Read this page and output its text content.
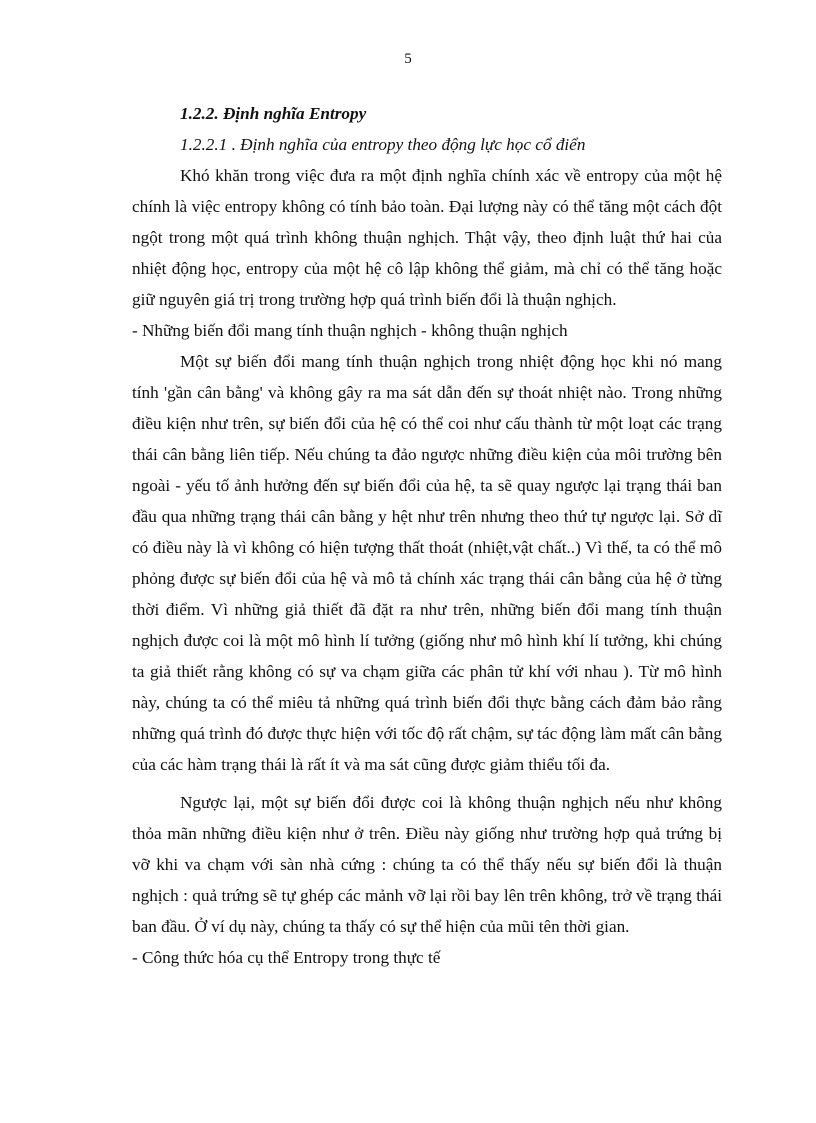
5

1.2.2. Định nghĩa Entropy

1.2.2.1 . Định nghĩa của entropy theo động lực học cổ điển

Khó khăn trong việc đưa ra một định nghĩa chính xác về entropy của một hệ chính là việc entropy không có tính bảo toàn. Đại lượng này có thể tăng một cách đột ngột trong một quá trình không thuận nghịch. Thật vậy, theo định luật thứ hai của nhiệt động học, entropy của một hệ cô lập không thể giảm, mà chỉ có thể tăng hoặc giữ nguyên giá trị trong trường hợp quá trình biến đổi là thuận nghịch.

- Những biến đổi mang tính thuận nghịch - không thuận nghịch

Một sự biến đổi mang tính thuận nghịch trong nhiệt động học khi nó mang tính 'gần cân bằng' và không gây ra ma sát dẫn đến sự thoát nhiệt nào. Trong những điều kiện như trên, sự biến đổi của hệ có thể coi như cấu thành từ một loạt các trạng thái cân bằng liên tiếp. Nếu chúng ta đảo ngược những điều kiện của môi trường bên ngoài - yếu tố ảnh hưởng đến sự biến đổi của hệ, ta sẽ quay ngược lại trạng thái ban đầu qua những trạng thái cân bằng y hệt như trên nhưng theo thứ tự ngược lại. Sở dĩ có điều này là vì không có hiện tượng thất thoát (nhiệt,vật chất..) Vì thế, ta có thể mô phỏng được sự biến đổi của hệ và mô tả chính xác trạng thái cân bằng của hệ ở từng thời điểm. Vì những giả thiết đã đặt ra như trên, những biến đổi mang tính thuận nghịch được coi là một mô hình lí tưởng (giống như mô hình khí lí tưởng, khi chúng ta giả thiết rằng không có sự va chạm giữa các phân tử khí với nhau ). Từ mô hình này, chúng ta có thể miêu tả những quá trình biến đổi thực bằng cách đảm bảo rằng những quá trình đó được thực hiện với tốc độ rất chậm, sự tác động làm mất cân bằng của các hàm trạng thái là rất ít và ma sát cũng được giảm thiểu tối đa.

Ngược lại, một sự biến đổi được coi là không thuận nghịch nếu như không thỏa mãn những điều kiện như ở trên. Điều này giống như trường hợp quả trứng bị vỡ khi va chạm với sàn nhà cứng : chúng ta có thể thấy nếu sự biến đổi là thuận nghịch : quả trứng sẽ tự ghép các mảnh vỡ lại rồi bay lên trên không, trở về trạng thái ban đầu. Ở ví dụ này, chúng ta thấy có sự thể hiện của mũi tên thời gian.

- Công thức hóa cụ thể Entropy trong thực tế
